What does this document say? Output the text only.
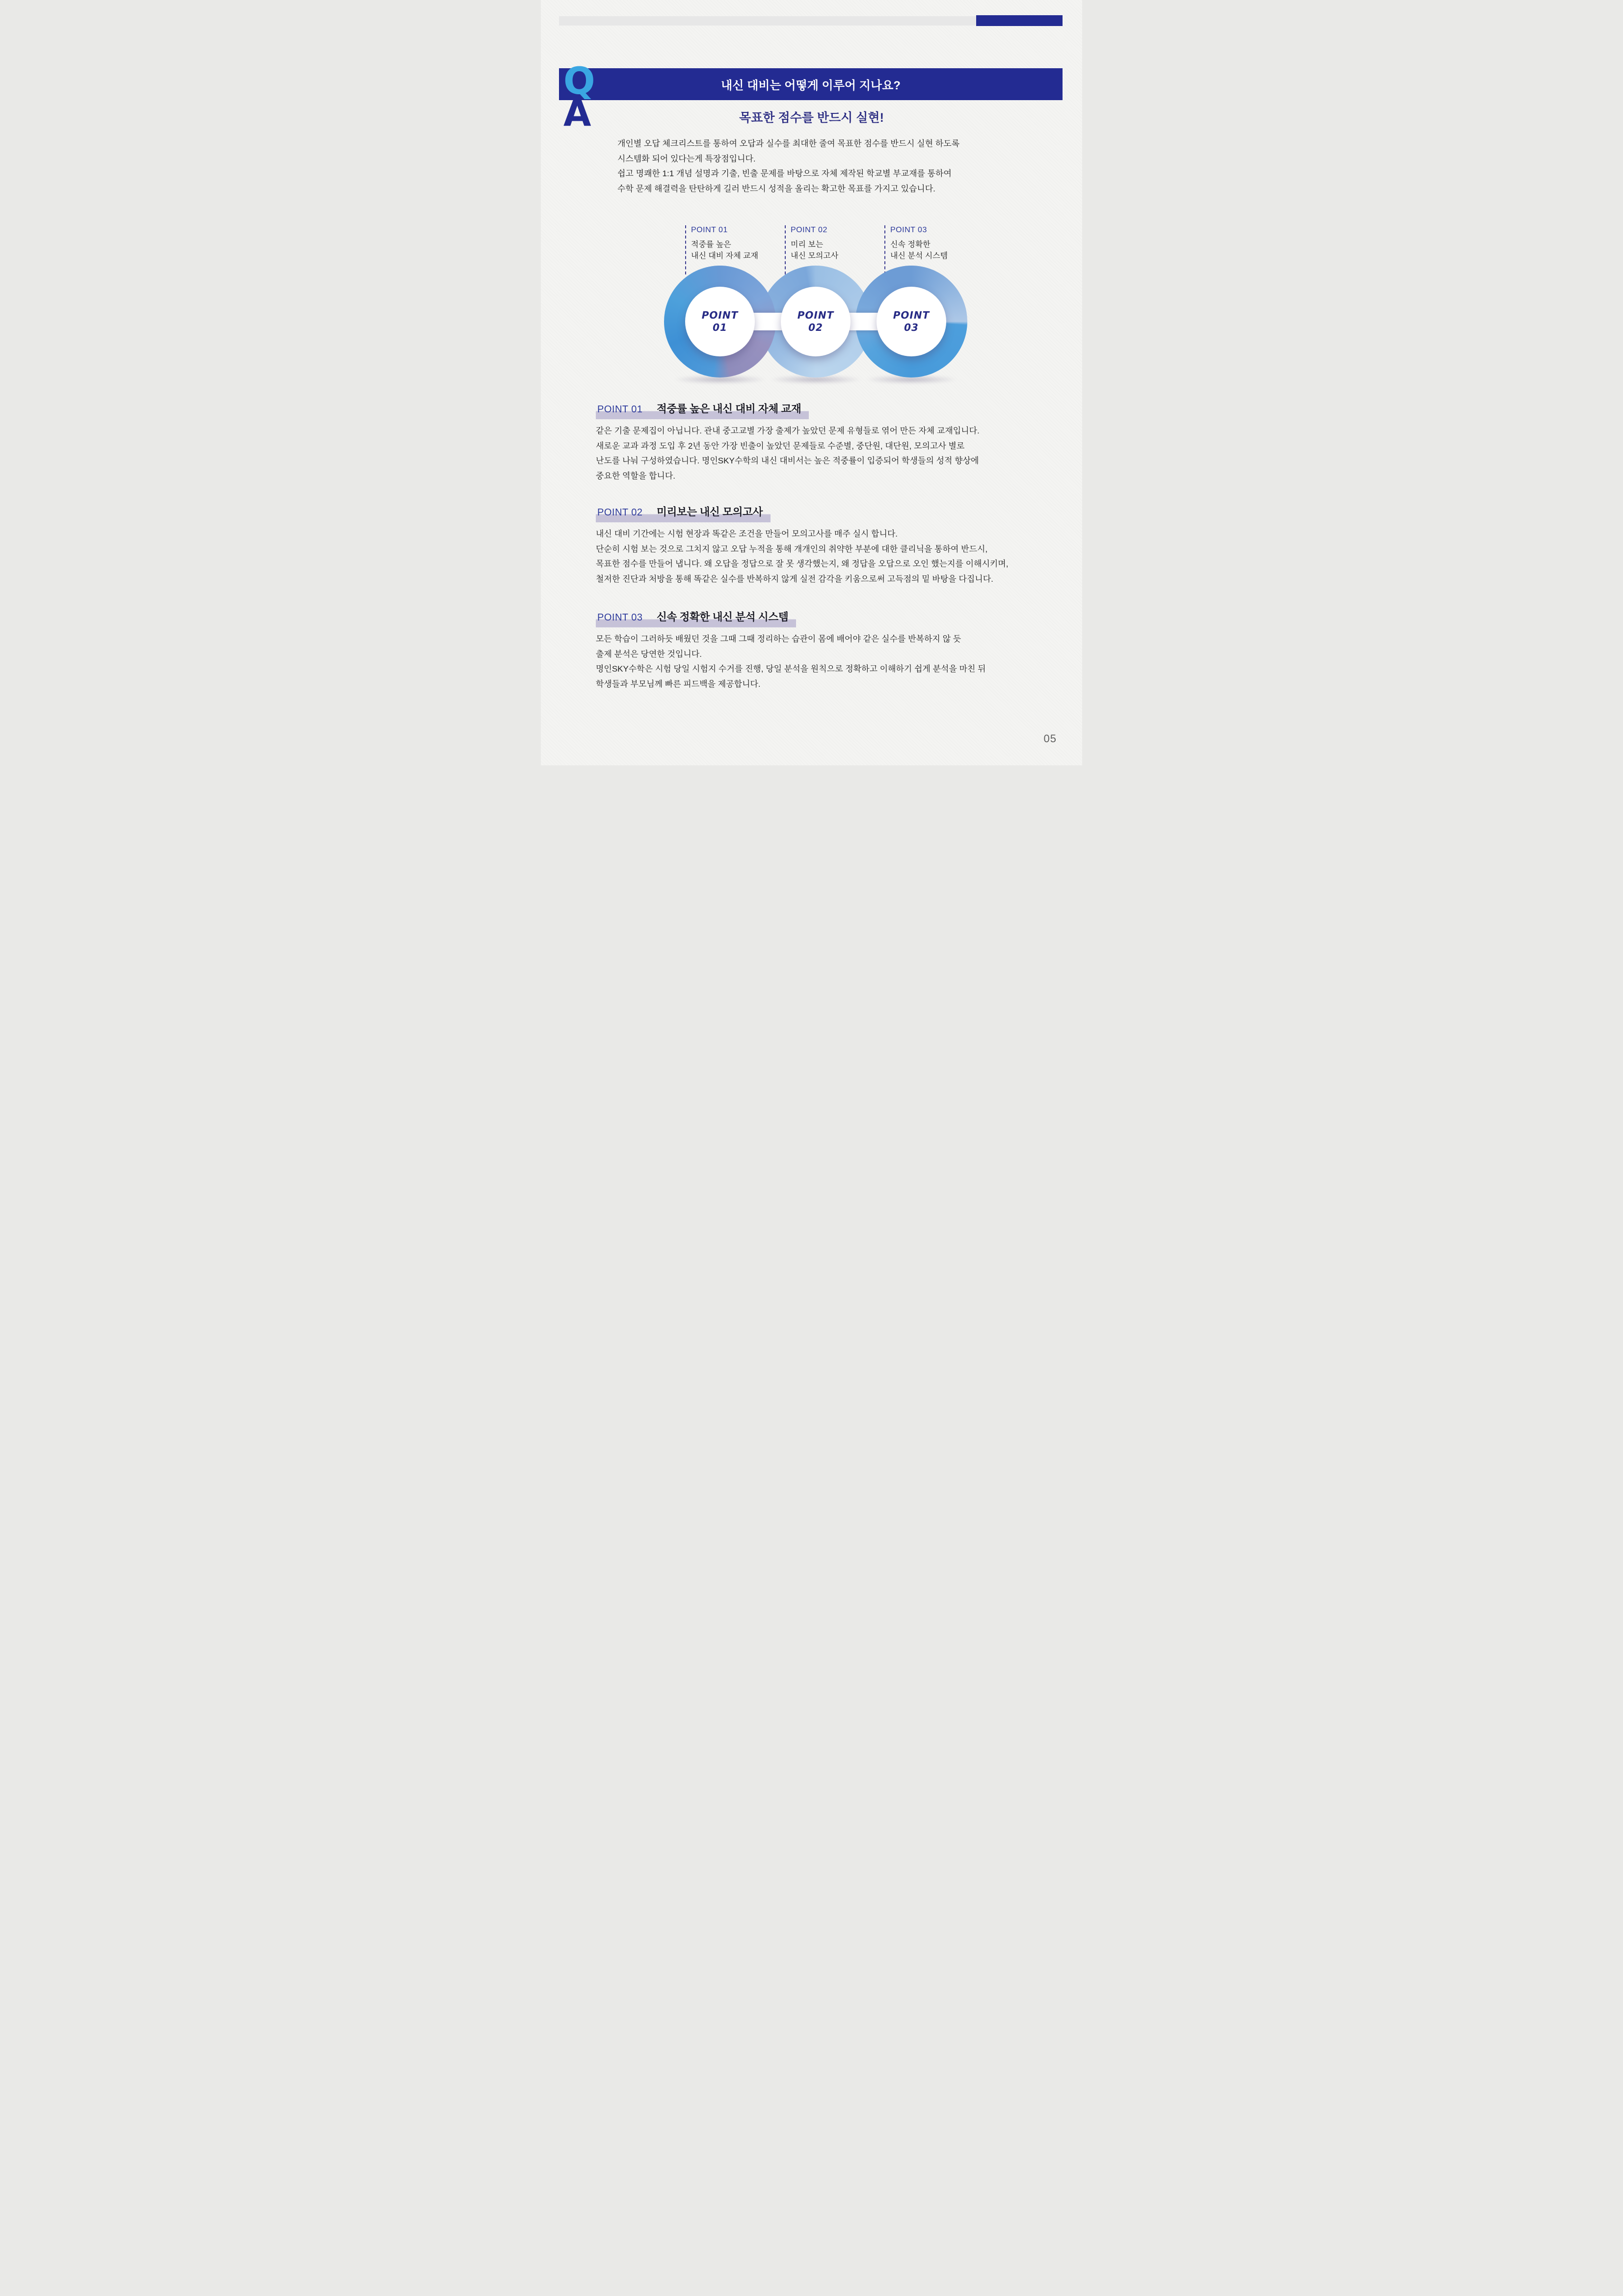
내신 대비는 어떻게 이루어 지나요?
Q
A	목표한 점수를 반드시 실현!
개인별 오답 체크리스트를 통하여 오답과 실수를 최대한 줄여 목표한 점수를 반드시 실현 하도록
시스템화 되어 있다는게 특장점입니다.
쉽고 명쾌한 1:1 개념 설명과 기출, 빈출 문제를 바탕으로 자체 제작된 학교별 부교재를 통하여
수학 문제 해결력을 탄탄하게 길러 반드시 성적을 올리는 확고한 목표를 가지고 있습니다.
POINT 01
적중률 높은
내신 대비 자체 교재
POINT 02
미리 보는
내신 모의고사
POINT 03
신속 정확한
내신 분석 시스템
POINT
01
POINT
02
POINT
03
POINT 01 적중률 높은 내신 대비 자체 교재
같은 기출 문제집이 아닙니다. 관내 중고교별 가장 출제가 높았던 문제 유형들로 엮어 만든 자체 교재입니다.
새로운 교과 과정 도입 후 2년 동안 가장 빈출이 높았던 문제들로 수준별, 중단원, 대단원, 모의고사 별로
난도를 나눠 구성하였습니다. 명인SKY수학의 내신 대비서는 높은 적중률이 입증되어 학생들의 성적 향상에
중요한 역할을 합니다.
POINT 02 미리보는 내신 모의고사
내신 대비 기간에는 시험 현장과 똑같은 조건을 만들어 모의고사를 매주 실시 합니다.
단순히 시험 보는 것으로 그치지 않고 오답 누적을 통해 개개인의 취약한 부분에 대한 클리닉을 통하여 반드시,
목표한 점수를 만들어 냅니다. 왜 오답을 정답으로 잘 못 생각했는지, 왜 정답을 오답으로 오인 했는지를 이해시키며,
철저한 진단과 처방을 통해 똑같은 실수를 반복하지 않게 실전 감각을 키움으로써 고득점의 밑 바탕을 다집니다.
POINT 03 신속 정확한 내신 분석 시스템
모든 학습이 그러하듯 배웠던 것을 그때 그때 정리하는 습관이 몸에 배어야 같은 실수를 반복하지 않 듯
출제 분석은 당연한 것입니다.
명인SKY수학은 시험 당일 시험지 수거를 진행, 당일 분석을 원칙으로 정확하고 이해하기 쉽게 분석을 마친 뒤
학생들과 부모님께 빠른 피드백을 제공합니다.
05
